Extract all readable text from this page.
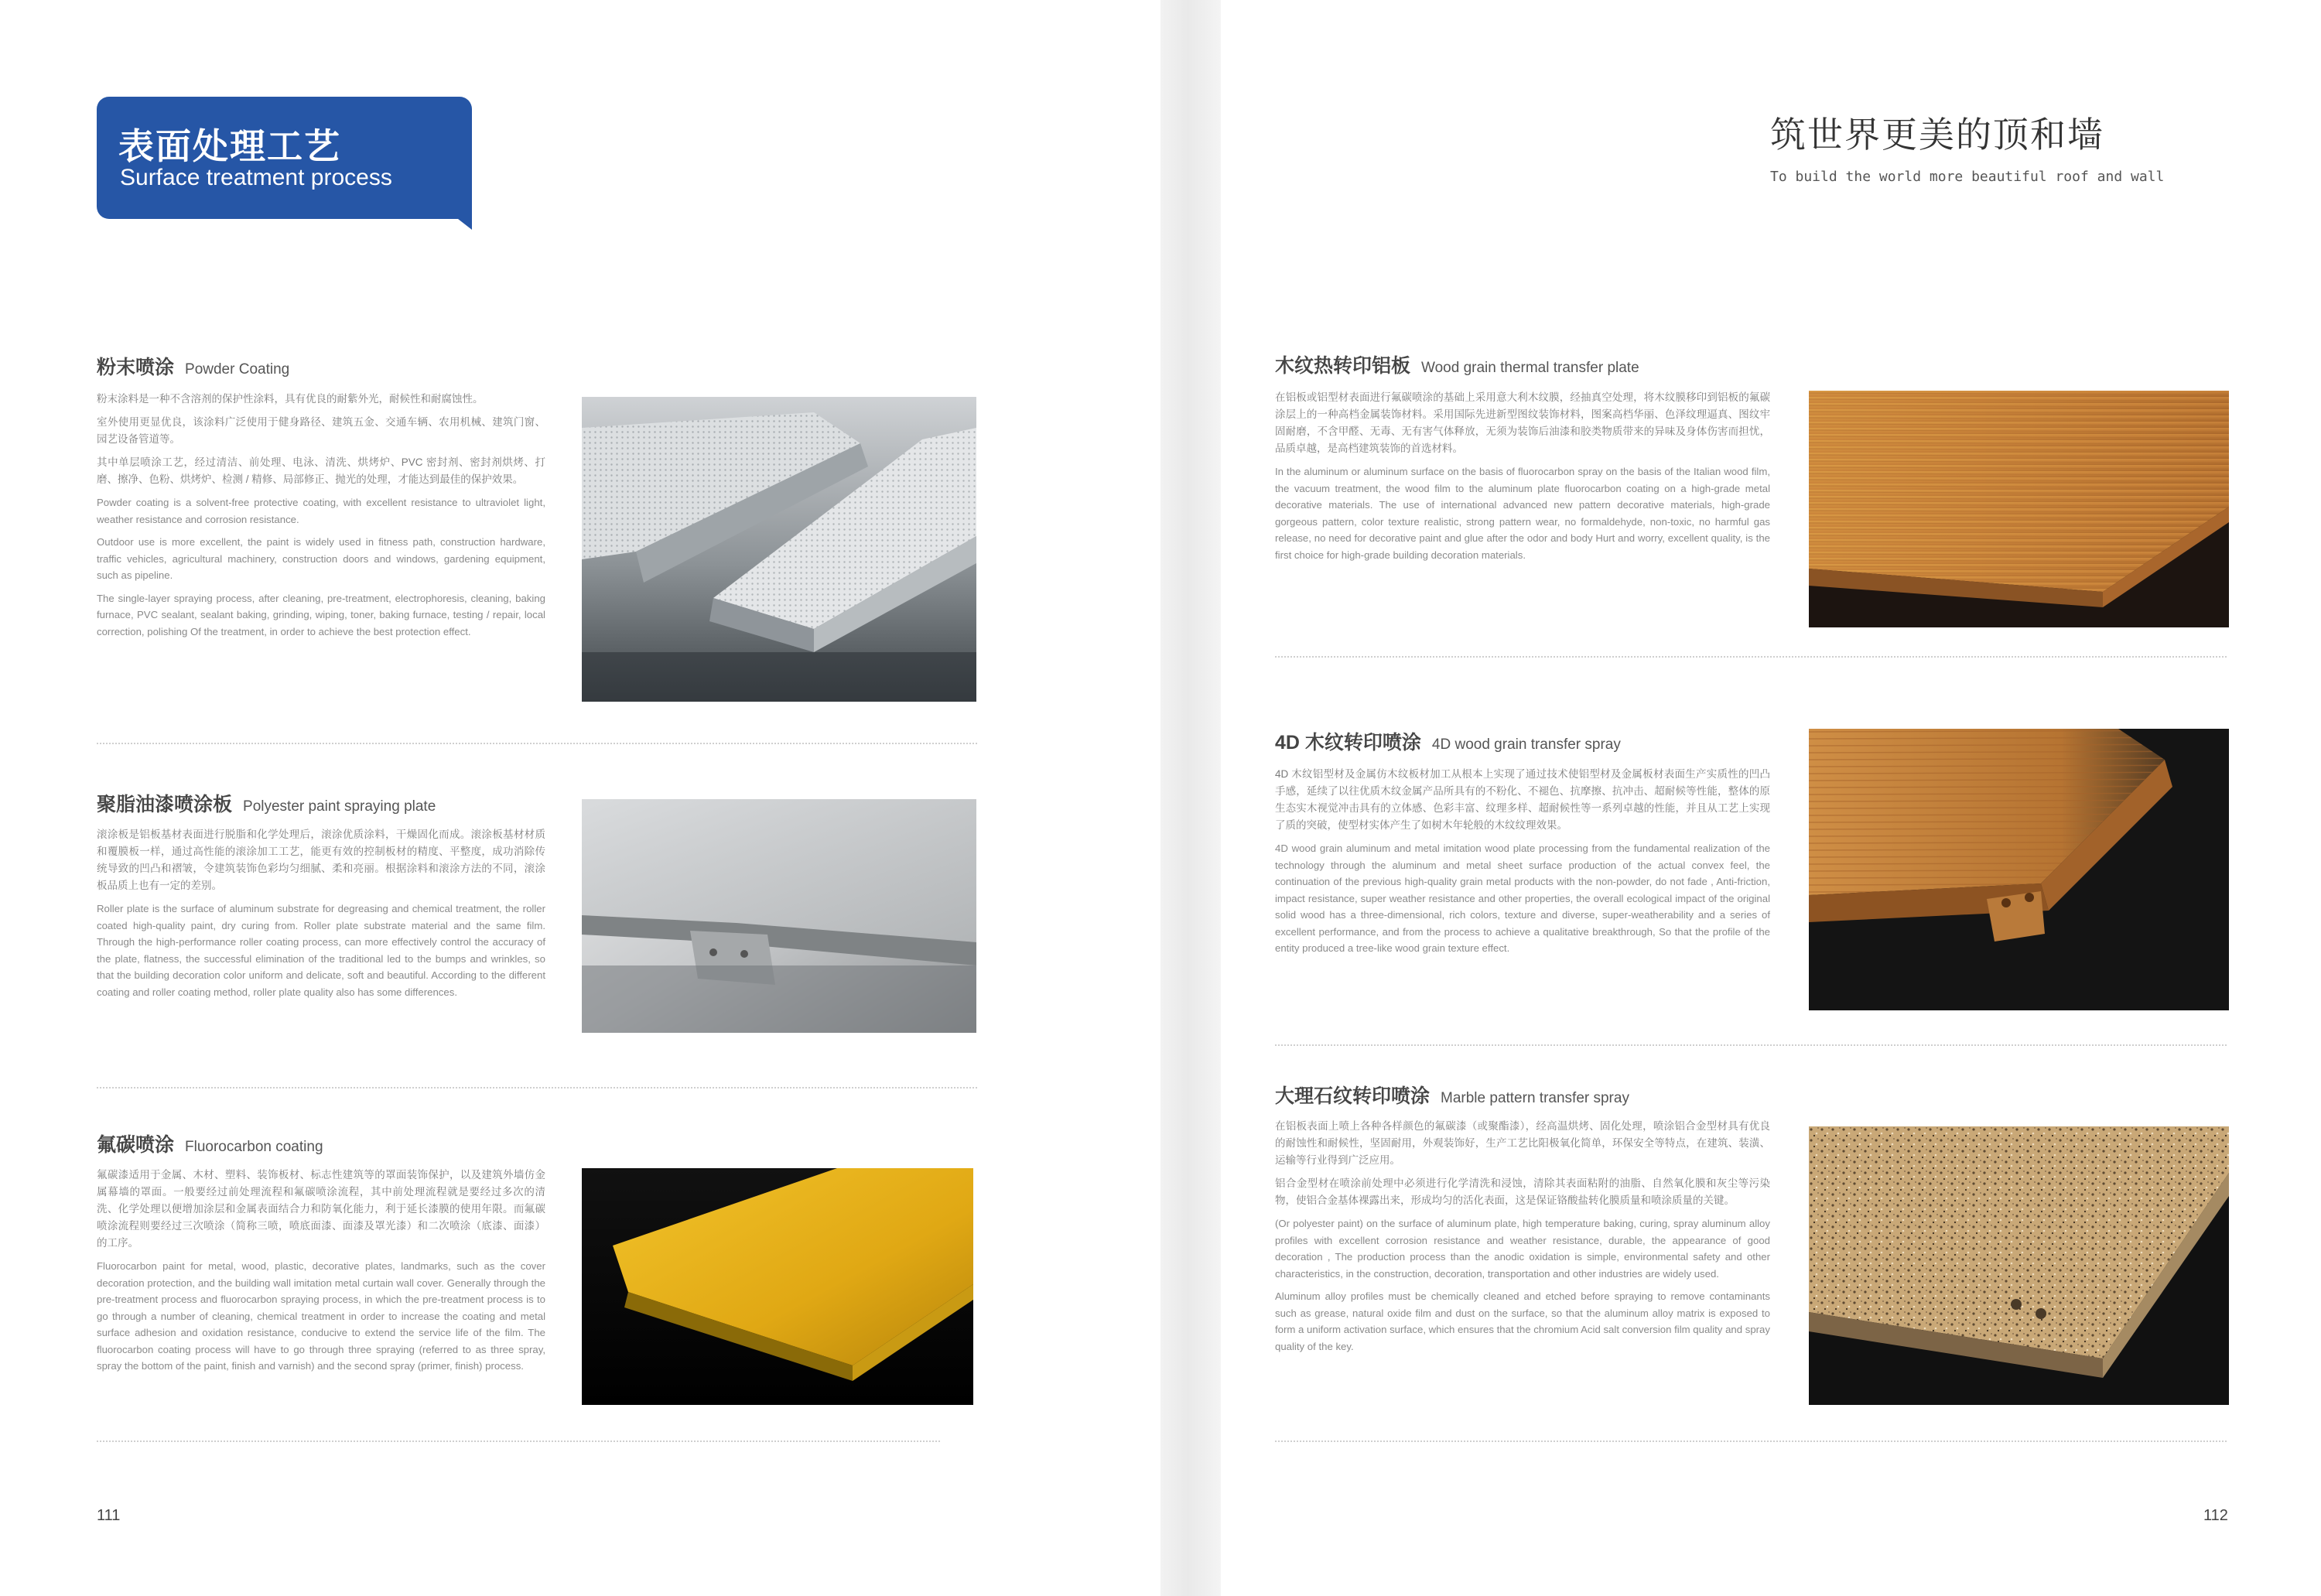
表面处理工艺
Surface treatment process
粉末喷涂 Powder Coating

粉末涂料是一种不含溶剂的保护性涂料，具有优良的耐紫外光，耐候性和耐腐蚀性。

室外使用更显优良，该涂料广泛使用于健身路径、建筑五金、交通车辆、农用机械、建筑门窗、园艺设备管道等。

其中单层喷涂工艺，经过清洁、前处理、电泳、清洗、烘烤炉、PVC 密封剂、密封剂烘烤、打磨、擦净、色粉、烘烤炉、检测 / 精修、局部修正、抛光的处理，才能达到最佳的保护效果。

Powder coating is a solvent-free protective coating, with excellent resistance to ultraviolet light, weather resistance and corrosion resistance.

Outdoor use is more excellent, the paint is widely used in fitness path, construction hardware, traffic vehicles, agricultural machinery, construction doors and windows, gardening equipment, such as pipeline.

The single-layer spraying process, after cleaning, pre-treatment, electrophoresis, cleaning, baking furnace, PVC sealant, sealant baking, grinding, wiping, toner, baking furnace, testing / repair, local correction, polishing Of the treatment, in order to achieve the best protection effect.

聚脂油漆喷涂板 Polyester paint spraying plate

滚涂板是铝板基材表面进行脱脂和化学处理后，滚涂优质涂料，干燥固化而成。滚涂板基材材质和覆膜板一样，通过高性能的滚涂加工工艺，能更有效的控制板材的精度、平整度，成功消除传统导致的凹凸和褶皱，令建筑装饰色彩均匀细腻、柔和亮丽。根据涂料和滚涂方法的不同，滚涂板品质上也有一定的差别。

Roller plate is the surface of aluminum substrate for degreasing and chemical treatment, the roller coated high-quality paint, dry curing from. Roller plate substrate material and the same film. Through the high-performance roller coating process, can more effectively control the accuracy of the plate, flatness, the successful elimination of the traditional led to the bumps and wrinkles, so that the building decoration color uniform and delicate, soft and beautiful. According to the different coating and roller coating method, roller plate quality also has some differences.

氟碳喷涂 Fluorocarbon coating

氟碳漆适用于金属、木材、塑料、装饰板材、标志性建筑等的罩面装饰保护，以及建筑外墙仿金属幕墙的罩面。一般要经过前处理流程和氟碳喷涂流程，其中前处理流程就是要经过多次的清洗、化学处理以便增加涂层和金属表面结合力和防氧化能力，利于延长漆膜的使用年限。而氟碳喷涂流程则要经过三次喷涂（简称三喷，喷底面漆、面漆及罩光漆）和二次喷涂（底漆、面漆）的工序。

Fluorocarbon paint for metal, wood, plastic, decorative plates, landmarks, such as the cover decoration protection, and the building wall imitation metal curtain wall cover. Generally through the pre-treatment process and fluorocarbon spraying process, in which the pre-treatment process is to go through a number of cleaning, chemical treatment in order to increase the coating and metal surface adhesion and oxidation resistance, conducive to extend the service life of the film. The fluorocarbon coating process will have to go through three spraying (referred to as three spray, spray the bottom of the paint, finish and varnish) and the second spray (primer, finish) process.

111
筑世界更美的顶和墙
To build the world more beautiful roof and wall
木纹热转印铝板 Wood grain thermal transfer plate

在铝板或铝型材表面进行氟碳喷涂的基础上采用意大利木纹膜，经抽真空处理，将木纹膜移印到铝板的氟碳涂层上的一种高档金属装饰材料。采用国际先进新型图纹装饰材料，图案高档华丽、色泽纹理逼真、图纹牢固耐磨，不含甲醛、无毒、无有害气体释放，无须为装饰后油漆和胶类物质带来的异味及身体伤害而担忧，品质卓越，是高档建筑装饰的首选材料。

In the aluminum or aluminum surface on the basis of fluorocarbon spray on the basis of the Italian wood film, the vacuum treatment, the wood film to the aluminum plate fluorocarbon coating on a high-grade metal decorative materials. The use of international advanced new pattern decorative materials, high-grade gorgeous pattern, color texture realistic, strong pattern wear, no formaldehyde, non-toxic, no harmful gas release, no need for decorative paint and glue after the odor and body Hurt and worry, excellent quality, is the first choice for high-grade building decoration materials.

4D 木纹转印喷涂 4D wood grain transfer spray

4D 木纹铝型材及金属仿木纹板材加工从根本上实现了通过技术使铝型材及金属板材表面生产实质性的凹凸手感，延续了以往优质木纹金属产品所具有的不粉化、不褪色、抗摩擦、抗冲击、超耐候等性能，整体的原生态实木视觉冲击具有的立体感、色彩丰富、纹理多样、超耐候性等一系列卓越的性能，并且从工艺上实现了质的突破，使型材实体产生了如树木年轮般的木纹纹理效果。

4D wood grain aluminum and metal imitation wood plate processing from the fundamental realization of the technology through the aluminum and metal sheet surface production of the actual convex feel, the continuation of the previous high-quality grain metal products with the non-powder, do not fade , Anti-friction, impact resistance, super weather resistance and other properties, the overall ecological impact of the original solid wood has a three-dimensional, rich colors, texture and diverse, super-weatherability and a series of excellent performance, and from the process to achieve a qualitative breakthrough, So that the profile of the entity produced a tree-like wood grain texture effect.

大理石纹转印喷涂 Marble pattern transfer spray

在铝板表面上喷上各种各样颜色的氟碳漆（或聚酯漆），经高温烘烤、固化处理，喷涂铝合金型材具有优良的耐蚀性和耐候性，坚固耐用，外观装饰好，生产工艺比阳极氧化简单，环保安全等特点，在建筑、装潢、运输等行业得到广泛应用。

铝合金型材在喷涂前处理中必须进行化学清洗和浸蚀，清除其表面粘附的油脂、自然氧化膜和灰尘等污染物，使铝合金基体裸露出来，形成均匀的活化表面，这是保证铬酸盐转化膜质量和喷涂质量的关键。

(Or polyester paint) on the surface of aluminum plate, high temperature baking, curing, spray aluminum alloy profiles with excellent corrosion resistance and weather resistance, durable, the appearance of good decoration , The production process than the anodic oxidation is simple, environmental safety and other characteristics, in the construction, decoration, transportation and other industries are widely used.

Aluminum alloy profiles must be chemically cleaned and etched before spraying to remove contaminants such as grease, natural oxide film and dust on the surface, so that the aluminum alloy matrix is exposed to form a uniform activation surface, which ensures that the chromium Acid salt conversion film quality and spray quality of the key.

112
